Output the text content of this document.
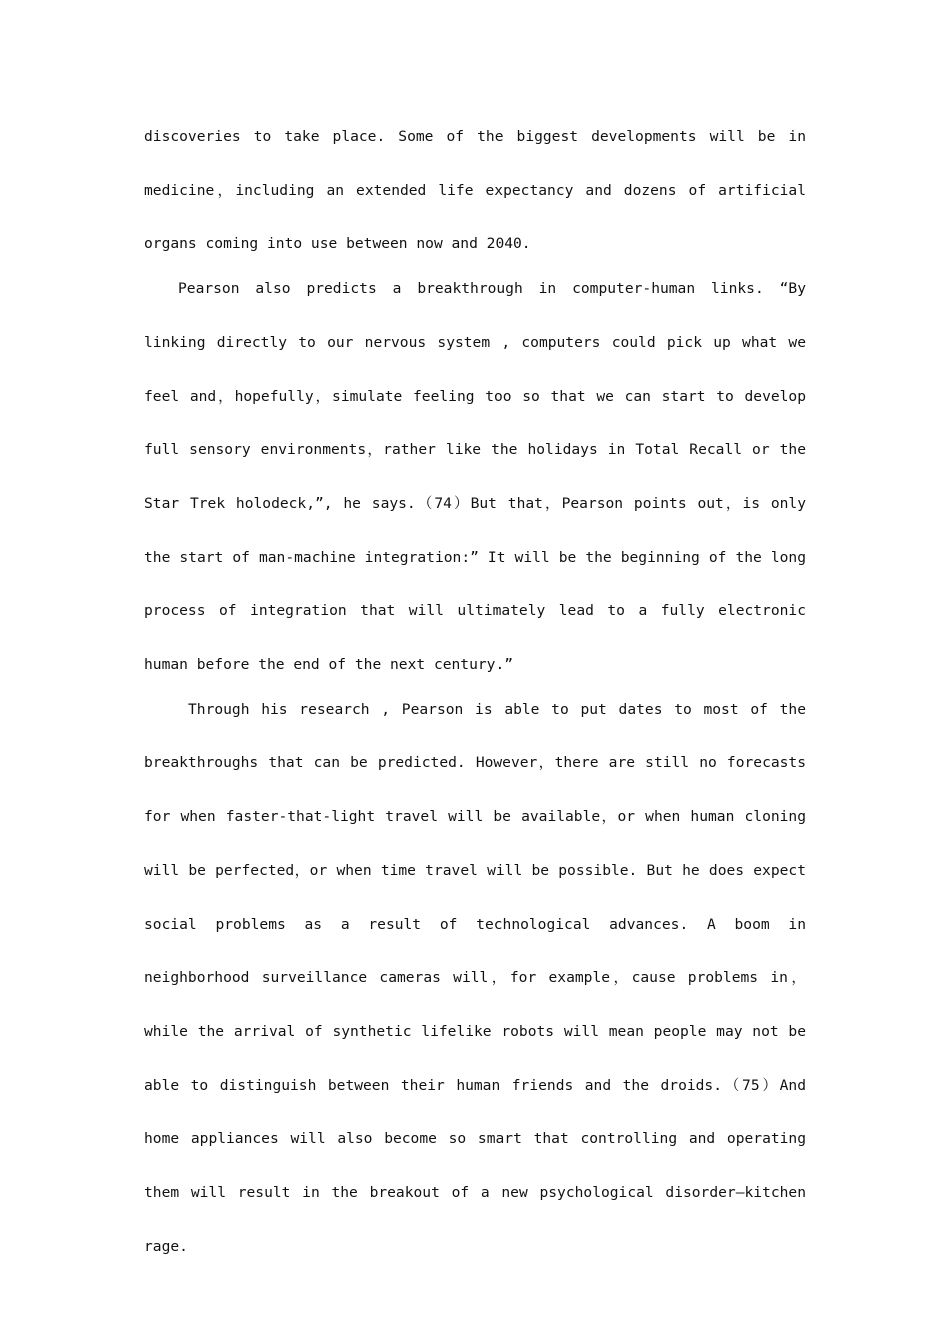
discoveries to take place. Some of the biggest developments will be in medicine，including an extended life expectancy and dozens of artificial organs coming into use between now and 2040.

Pearson also predicts a breakthrough in computer-human links. “By linking directly to our nervous system , computers could pick up what we feel and，hopefully，simulate feeling too so that we can start to develop full sensory environments，rather like the holidays in Total Recall or the Star Trek holodeck,”, he says.（74）But that，Pearson points out，is only the start of man-machine integration:” It will be the beginning of the long process of integration that will ultimately lead to a fully electronic human before the end of the next century.”

Through his research , Pearson is able to put dates to most of the breakthroughs that can be predicted. However，there are still no forecasts for when faster-that-light travel will be available，or when human cloning will be perfected，or when time travel will be possible. But he does expect social problems as a result of technological advances. A boom in neighborhood surveillance cameras will，for example，cause problems in，while the arrival of synthetic lifelike robots will mean people may not be able to distinguish between their human friends and the droids.（75）And home appliances will also become so smart that controlling and operating them will result in the breakout of a new psychological disorder—kitchen rage.
